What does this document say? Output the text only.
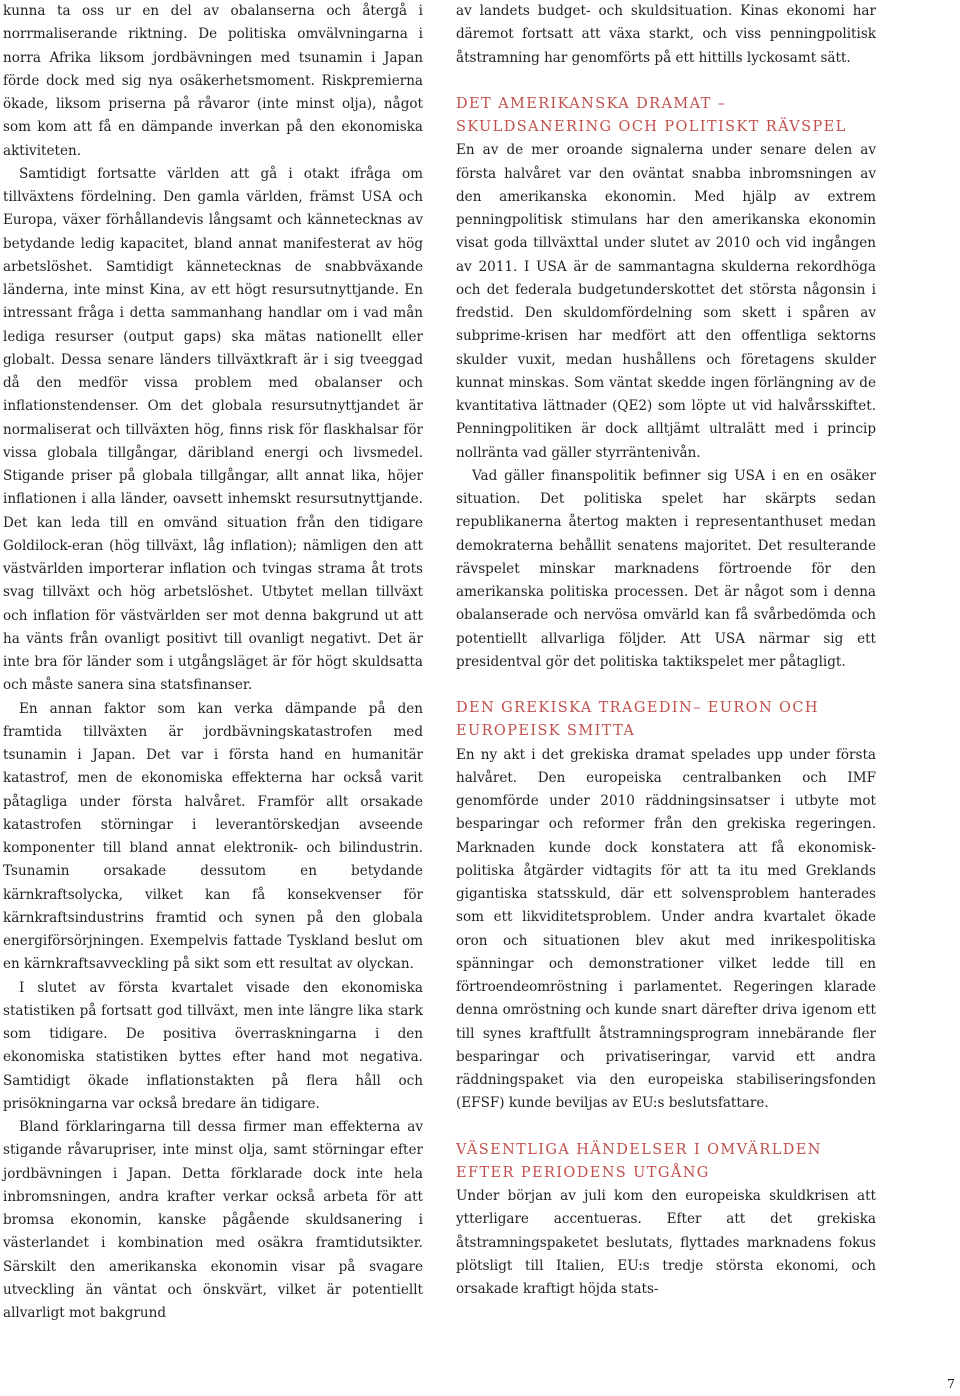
kunna ta oss ur en del av obalanserna och återgå i norrmaliserande riktning. De politiska omvälvningarna i norra Afrika liksom jordbävningen med tsunamin i Japan förde dock med sig nya osäkerhetsmoment. Riskpremierna ökade, liksom priserna på råvaror (inte minst olja), något som kom att få en dämpande inverkan på den ekonomiska aktiviteten.

Samtidigt fortsatte världen att gå i otakt ifråga om tillväxtens fördelning. Den gamla världen, främst USA och Europa, växer förhållandevis långsamt och kännetecknas av betydande ledig kapacitet, bland annat manifesterat av hög arbetslöshet. Samtidigt kännetecknas de snabbväxande länderna, inte minst Kina, av ett högt resursutnyttjande. En intressant fråga i detta sammanhang handlar om i vad mån lediga resurser (output gaps) ska mätas nationellt eller globalt. Dessa senare länders tillväxtkraft är i sig tveeggad då den medför vissa problem med obalanser och inflationstendenser. Om det globala resursutnyttjandet är normaliserat och tillväxten hög, finns risk för flaskhalsar för vissa globala tillgångar, däribland energi och livsmedel. Stigande priser på globala tillgångar, allt annat lika, höjer inflationen i alla länder, oavsett inhemskt resursutnyttjande. Det kan leda till en omvänd situation från den tidigare Goldilock-eran (hög tillväxt, låg inflation); nämligen den att västvärlden importerar inflation och tvingas strama åt trots svag tillväxt och hög arbetslöshet. Utbytet mellan tillväxt och inflation för västvärlden ser mot denna bakgrund ut att ha vänts från ovanligt positivt till ovanligt negativt. Det är inte bra för länder som i utgångsläget är för högt skuldsatta och måste sanera sina statsfinanser.

En annan faktor som kan verka dämpande på den framtida tillväxten är jordbävningskatastrofen med tsunamin i Japan. Det var i första hand en humanitär katastrof, men de ekonomiska effekterna har också varit påtagliga under första halvåret. Framför allt orsakade katastrofen störningar i leverantörskedjan avseende komponenter till bland annat elektronik- och bilindustrin. Tsunamin orsakade dessutom en betydande kärnkraftsolycka, vilket kan få konsekvenser för kärnkraftsindustrins framtid och synen på den globala energiförsörjningen. Exempelvis fattade Tyskland beslut om en kärnkraftsavveckling på sikt som ett resultat av olyckan.

I slutet av första kvartalet visade den ekonomiska statistiken på fortsatt god tillväxt, men inte längre lika stark som tidigare. De positiva överraskningarna i den ekonomiska statistiken byttes efter hand mot negativa. Samtidigt ökade inflationstakten på flera håll och prisökningarna var också bredare än tidigare.

Bland förklaringarna till dessa firmer man effekterna av stigande råvarupriser, inte minst olja, samt störningar efter jordbävningen i Japan. Detta förklarade dock inte hela inbromsningen, andra krafter verkar också arbeta för att bromsa ekonomin, kanske pågående skuldsanering i västerlandet i kombination med osäkra framtidutsikter. Särskilt den amerikanska ekonomin visar på svagare utveckling än väntat och önskvärt, vilket är potentiellt allvarligt mot bakgrund

av landets budget- och skuldsituation. Kinas ekonomi har däremot fortsatt att växa starkt, och viss penningpolitisk åtstramning har genomförts på ett hittills lyckosamt sätt.

DET AMERIKANSKA DRAMAT – SKULDSANERING OCH POLITISKT RÄVSPEL

En av de mer oroande signalerna under senare delen av första halvåret var den oväntat snabba inbromsningen av den amerikanska ekonomin. Med hjälp av extrem penningpolitisk stimulans har den amerikanska ekonomin visat goda tillväxttal under slutet av 2010 och vid ingången av 2011. I USA är de sammantagna skulderna rekordhöga och det federala budgetunderskottet det största någonsin i fredstid. Den skuldomfördelning som skett i spåren av subprime-krisen har medfört att den offentliga sektorns skulder vuxit, medan hushållens och företagens skulder kunnat minskas. Som väntat skedde ingen förlängning av de kvantitativa lättnader (QE2) som löpte ut vid halvårsskiftet. Penningpolitiken är dock alltjämt ultralätt med i princip nollränta vad gäller styrräntenivån.

Vad gäller finanspolitik befinner sig USA i en en osäker situation. Det politiska spelet har skärpts sedan republikanerna återtog makten i representanthuset medan demokraterna behållit senatens majoritet. Det resulterande rävspelet minskar marknadens förtroende för den amerikanska politiska processen. Det är något som i denna obalanserade och nervösa omvärld kan få svårbedömda och potentiellt allvarliga följder. Att USA närmar sig ett presidentval gör det politiska taktikspelet mer påtagligt.

DEN GREKISKA TRAGEDIN– EURON OCH EUROPEISK SMITTA

En ny akt i det grekiska dramat spelades upp under första halvåret. Den europeiska centralbanken och IMF genomförde under 2010 räddningsinsatser i utbyte mot besparingar och reformer från den grekiska regeringen. Marknaden kunde dock konstatera att få ekonomisk-politiska åtgärder vidtagits för att ta itu med Greklands gigantiska statsskuld, där ett solvensproblem hanterades som ett likviditetsproblem. Under andra kvartalet ökade oron och situationen blev akut med inrikespolitiska spänningar och demonstrationer vilket ledde till en förtroendeomröstning i parlamentet. Regeringen klarade denna omröstning och kunde snart därefter driva igenom ett till synes kraftfullt åtstramningsprogram innebärande fler besparingar och privatiseringar, varvid ett andra räddningspaket via den europeiska stabiliseringsfonden (EFSF) kunde beviljas av EU:s beslutsfattare.

VÄSENTLIGA HÄNDELSER I OMVÄRLDEN EFTER PERIODENS UTGÅNG

Under början av juli kom den europeiska skuldkrisen att ytterligare accentueras. Efter att det grekiska åtstramningspaketet beslutats, flyttades marknadens fokus plötsligt till Italien, EU:s tredje största ekonomi, och orsakade kraftigt höjda stats-

7
